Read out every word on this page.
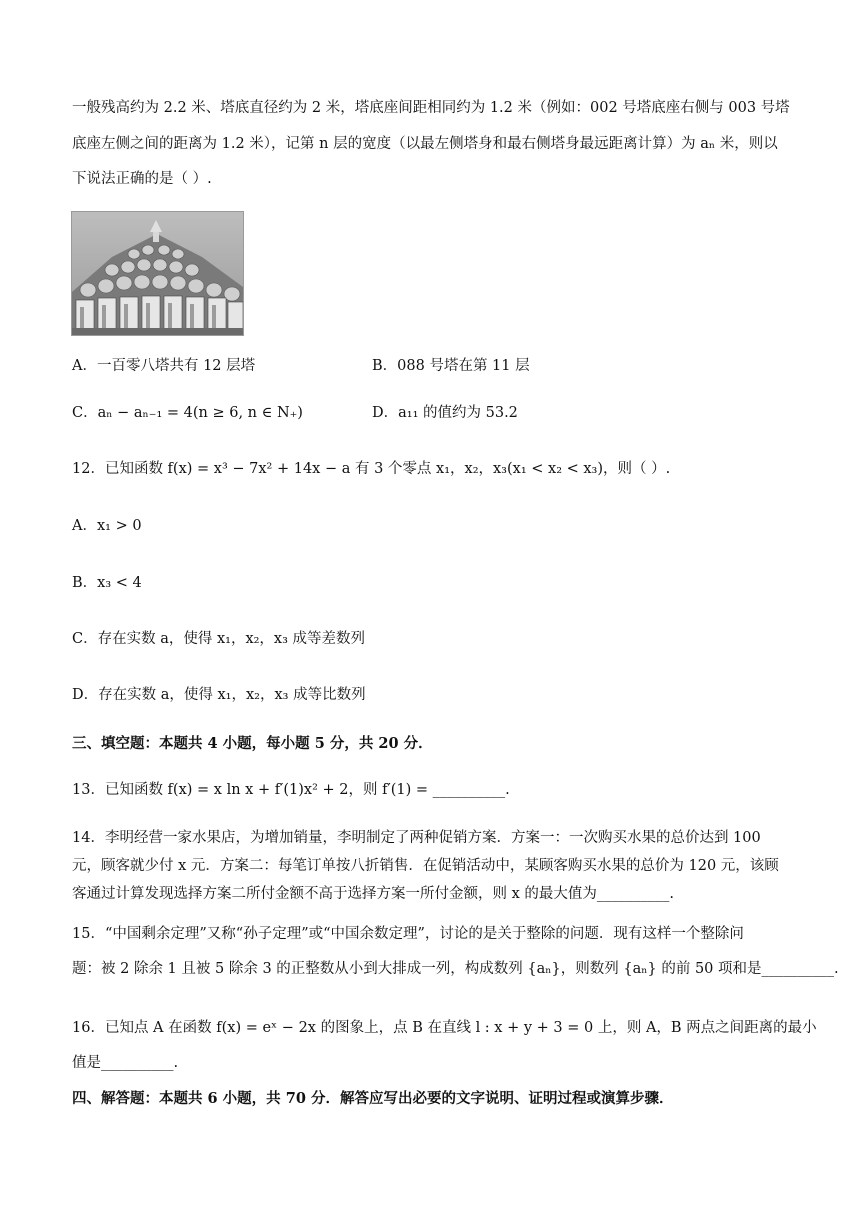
一般残高约为 2.2 米、塔底直径约为 2 米，塔底座间距相同约为 1.2 米（例如：002 号塔底座右侧与 003 号塔
底座左侧之间的距离为 1.2 米），记第 n 层的宽度（以最左侧塔身和最右侧塔身最远距离计算）为 aₙ 米，则以
下说法正确的是（ ）.
A．一百零八塔共有 12 层塔	B．088 号塔在第 11 层
C．aₙ − aₙ₋₁ = 4(n ≥ 6, n ∈ N₊)	D．a₁₁ 的值约为 53.2
12．已知函数 f(x) = x³ − 7x² + 14x − a 有 3 个零点 x₁，x₂，x₃(x₁ < x₂ < x₃)，则（ ）.
A．x₁ > 0
B．x₃ < 4
C．存在实数 a，使得 x₁，x₂，x₃ 成等差数列
D．存在实数 a，使得 x₁，x₂，x₃ 成等比数列
三、填空题：本题共 4 小题，每小题 5 分，共 20 分．
13．已知函数 f(x) = x ln x + f′(1)x² + 2，则 f′(1) = __________.
14．李明经营一家水果店，为增加销量，李明制定了两种促销方案．方案一：一次购买水果的总价达到 100
元，顾客就少付 x 元．方案二：每笔订单按八折销售．在促销活动中，某顾客购买水果的总价为 120 元，该顾
客通过计算发现选择方案二所付金额不高于选择方案一所付金额，则 x 的最大值为__________.
15．“中国剩余定理”又称“孙子定理”或“中国余数定理”，讨论的是关于整除的问题．现有这样一个整除问
题：被 2 除余 1 且被 5 除余 3 的正整数从小到大排成一列，构成数列 {aₙ}，则数列 {aₙ} 的前 50 项和是__________.
16．已知点 A 在函数 f(x) = eˣ − 2x 的图象上，点 B 在直线 l : x + y + 3 = 0 上，则 A，B 两点之间距离的最小
值是__________.
四、解答题：本题共 6 小题，共 70 分．解答应写出必要的文字说明、证明过程或演算步骤．
